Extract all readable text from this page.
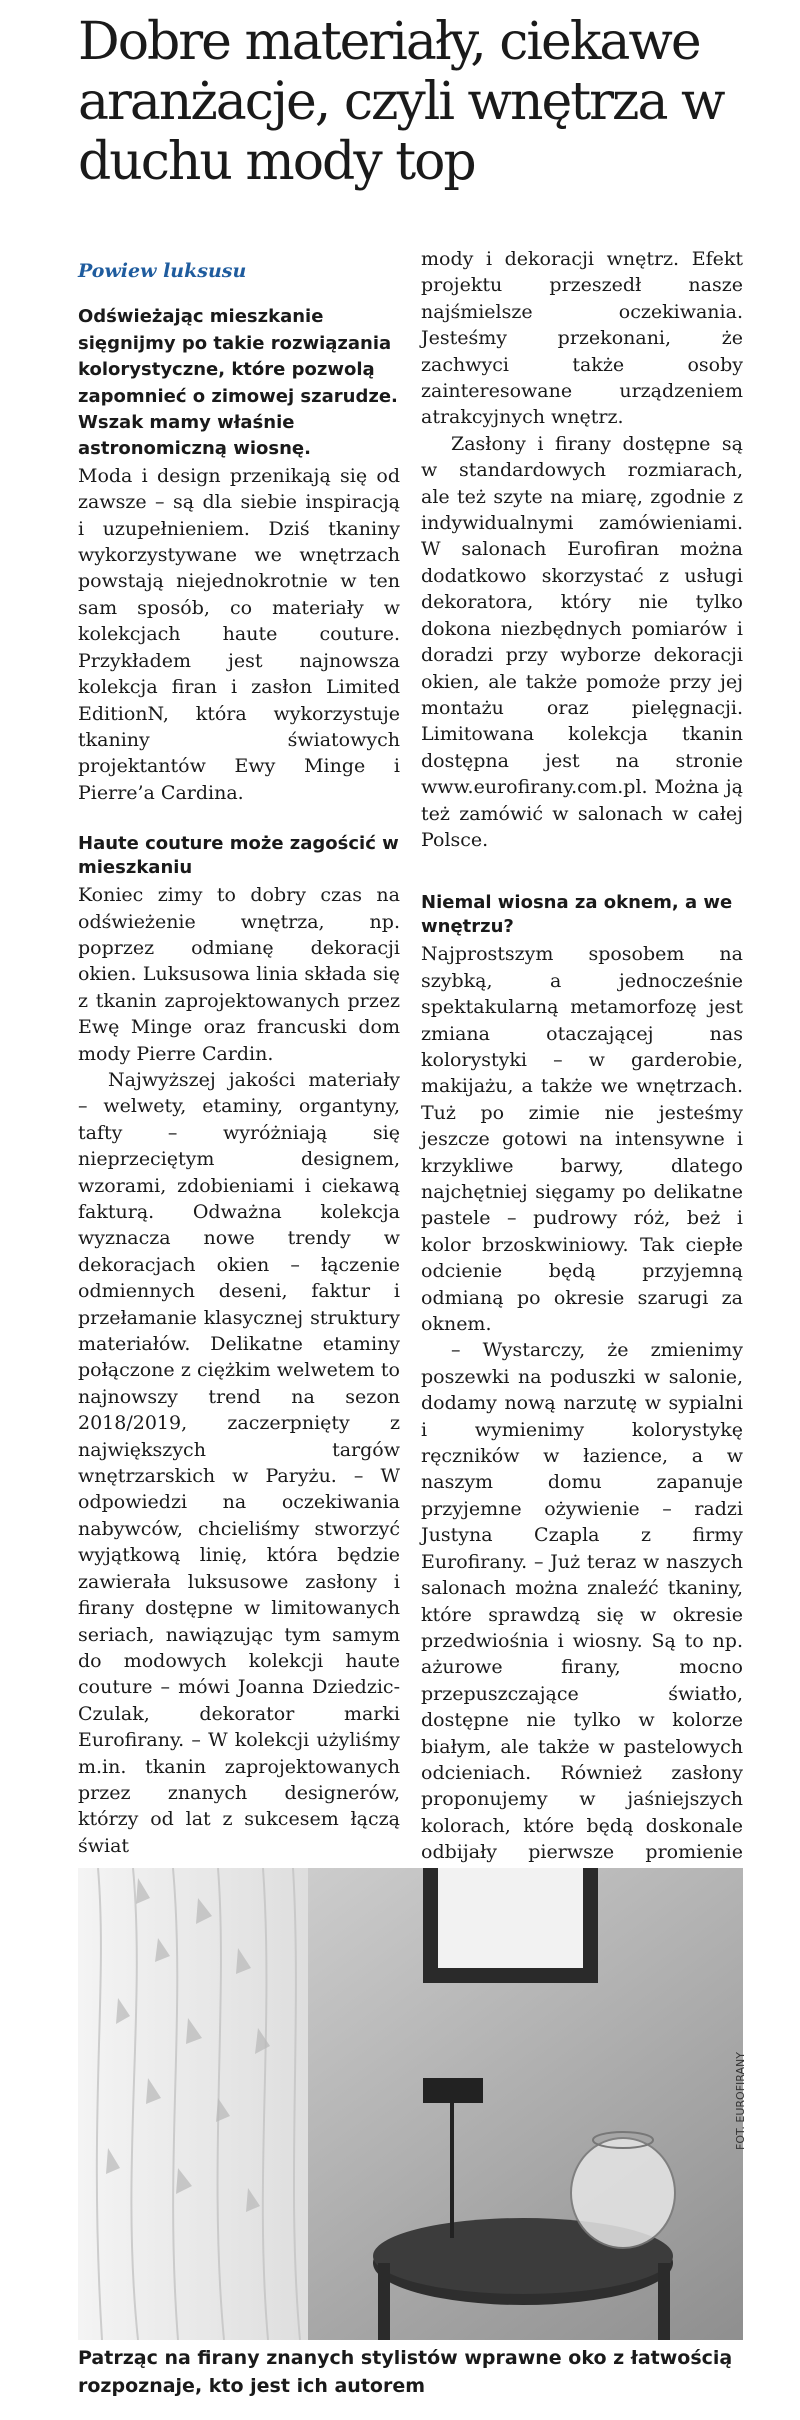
Dobre materiały, ciekawe aranżacje, czyli wnętrza w duchu mody top
Powiew luksusu

Odświeżając mieszkanie sięgnijmy po takie rozwiązania kolorystyczne, które pozwolą zapomnieć o zimowej szarudze. Wszak mamy właśnie astronomiczną wiosnę.

Moda i design przenikają się od zawsze – są dla siebie inspiracją i uzupełnieniem. Dziś tkaniny wykorzystywane we wnętrzach powstają niejednokrotnie w ten sam sposób, co materiały w kolekcjach haute couture. Przykładem jest najnowsza kolekcja firan i zasłon Limited EditionN, która wykorzystuje tkaniny światowych projektantów Ewy Minge i Pierre’a Cardina.

Haute couture może zagościć w mieszkaniu

Koniec zimy to dobry czas na odświeżenie wnętrza, np. poprzez odmianę dekoracji okien. Luksusowa linia składa się z tkanin zaprojektowanych przez Ewę Minge oraz francuski dom mody Pierre Cardin.

Najwyższej jakości materiały – welwety, etaminy, organtyny, tafty – wyróżniają się nieprzeciętym designem, wzorami, zdobieniami i ciekawą fakturą. Odważna kolekcja wyznacza nowe trendy w dekoracjach okien – łączenie odmiennych deseni, faktur i przełamanie klasycznej struktury materiałów. Delikatne etaminy połączone z ciężkim welwetem to najnowszy trend na sezon 2018/2019, zaczerpnięty z największych targów wnętrzarskich w Paryżu. – W odpowiedzi na oczekiwania nabywców, chcieliśmy stworzyć wyjątkową linię, która będzie zawierała luksusowe zasłony i firany dostępne w limitowanych seriach, nawiązując tym samym do modowych kolekcji haute couture – mówi Joanna Dziedzic-Czulak, dekorator marki Eurofirany. – W kolekcji użyliśmy m.in. tkanin zaprojektowanych przez znanych designerów, którzy od lat z sukcesem łączą świat

mody i dekoracji wnętrz. Efekt projektu przeszedł nasze najśmielsze oczekiwania. Jesteśmy przekonani, że zachwyci także osoby zainteresowane urządzeniem atrakcyjnych wnętrz.

Zasłony i firany dostępne są w standardowych rozmiarach, ale też szyte na miarę, zgodnie z indywidualnymi zamówieniami. W salonach Eurofiran można dodatkowo skorzystać z usługi dekoratora, który nie tylko dokona niezbędnych pomiarów i doradzi przy wyborze dekoracji okien, ale także pomoże przy jej montażu oraz pielęgnacji. Limitowana kolekcja tkanin dostępna jest na stronie www.eurofirany.com.pl. Można ją też zamówić w salonach w całej Polsce.

Niemal wiosna za oknem, a we wnętrzu?

Najprostszym sposobem na szybką, a jednocześnie spektakularną metamorfozę jest zmiana otaczającej nas kolorystyki – w garderobie, makijażu, a także we wnętrzach. Tuż po zimie nie jesteśmy jeszcze gotowi na intensywne i krzykliwe barwy, dlatego najchętniej sięgamy po delikatne pastele – pudrowy róż, beż i kolor brzoskwiniowy. Tak ciepłe odcienie będą przyjemną odmianą po okresie szarugi za oknem.

– Wystarczy, że zmienimy poszewki na poduszki w salonie, dodamy nową narzutę w sypialni i wymienimy kolorystykę ręczników w łazience, a w naszym domu zapanuje przyjemne ożywienie – radzi Justyna Czapla z firmy Eurofirany. – Już teraz w naszych salonach można znaleźć tkaniny, które sprawdzą się w okresie przedwiośnia i wiosny. Są to np. ażurowe firany, mocno przepuszczające światło, dostępne nie tylko w kolorze białym, ale także w pastelowych odcieniach. Również zasłony proponujemy w jaśniejszych kolorach, które będą doskonale odbijały pierwsze promienie

FOT. EUROFIRANY

Patrząc na firany znanych stylistów wprawne oko z łatwością rozpoznaje, kto jest ich autorem
